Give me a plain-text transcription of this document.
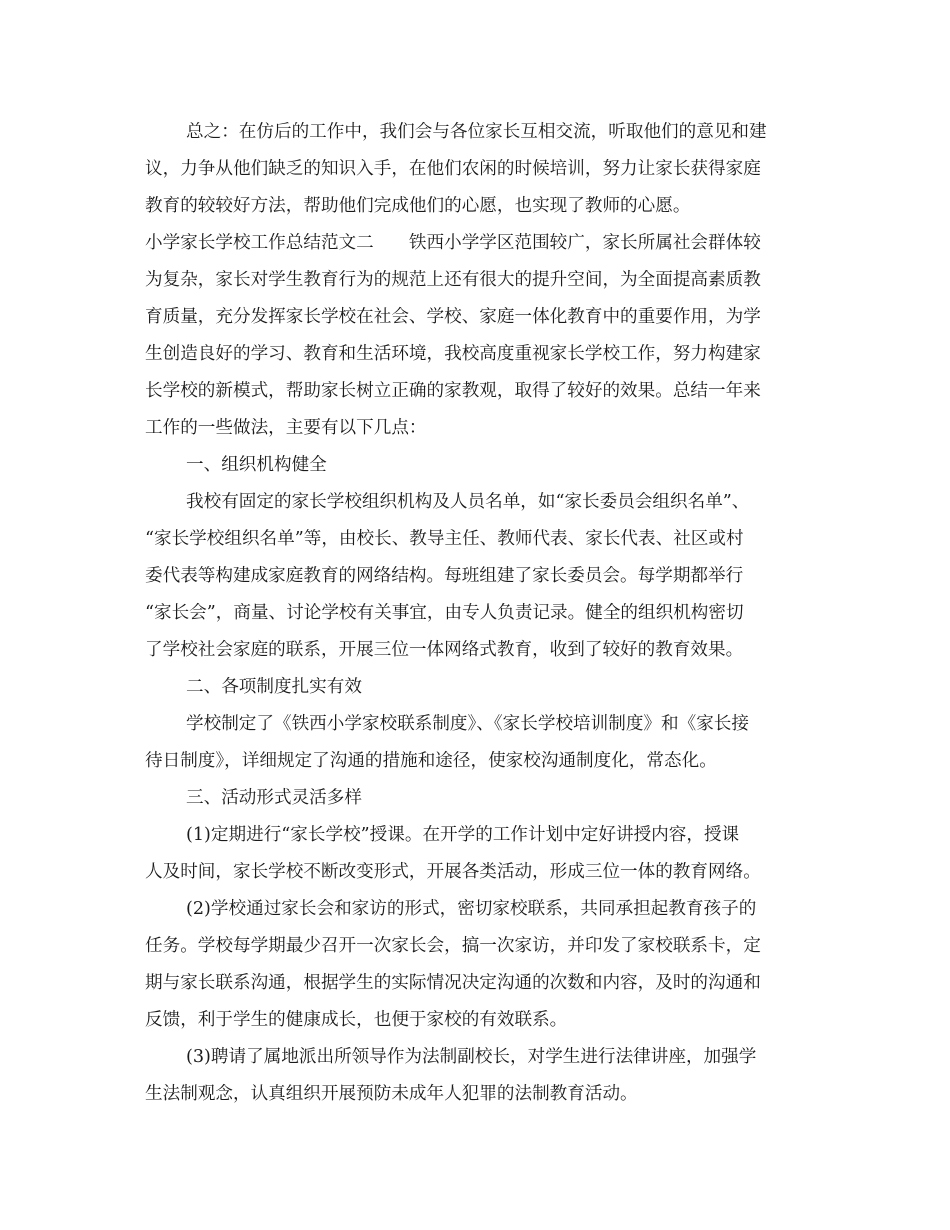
总之：在仿后的工作中，我们会与各位家长互相交流，听取他们的意见和建
议，力争从他们缺乏的知识入手，在他们农闲的时候培训，努力让家长获得家庭
教育的较较好方法，帮助他们完成他们的心愿，也实现了教师的心愿。
小学家长学校工作总结范文二　　铁西小学学区范围较广，家长所属社会群体较
为复杂，家长对学生教育行为的规范上还有很大的提升空间，为全面提高素质教
育质量，充分发挥家长学校在社会、学校、家庭一体化教育中的重要作用，为学
生创造良好的学习、教育和生活环境，我校高度重视家长学校工作，努力构建家
长学校的新模式，帮助家长树立正确的家教观，取得了较好的效果。总结一年来
工作的一些做法，主要有以下几点：
一、组织机构健全
我校有固定的家长学校组织机构及人员名单，如“家长委员会组织名单”、
“家长学校组织名单”等，由校长、教导主任、教师代表、家长代表、社区或村
委代表等构建成家庭教育的网络结构。每班组建了家长委员会。每学期都举行
“家长会”，商量、讨论学校有关事宜，由专人负责记录。健全的组织机构密切
了学校社会家庭的联系，开展三位一体网络式教育，收到了较好的教育效果。
二、各项制度扎实有效
学校制定了《铁西小学家校联系制度》、《家长学校培训制度》和《家长接
待日制度》，详细规定了沟通的措施和途径，使家校沟通制度化，常态化。
三、活动形式灵活多样
(1)定期进行“家长学校”授课。在开学的工作计划中定好讲授内容，授课
人及时间，家长学校不断改变形式，开展各类活动，形成三位一体的教育网络。
(2)学校通过家长会和家访的形式，密切家校联系，共同承担起教育孩子的
任务。学校每学期最少召开一次家长会，搞一次家访，并印发了家校联系卡，定
期与家长联系沟通，根据学生的实际情况决定沟通的次数和内容，及时的沟通和
反馈，利于学生的健康成长，也便于家校的有效联系。
(3)聘请了属地派出所领导作为法制副校长，对学生进行法律讲座，加强学
生法制观念，认真组织开展预防未成年人犯罪的法制教育活动。
